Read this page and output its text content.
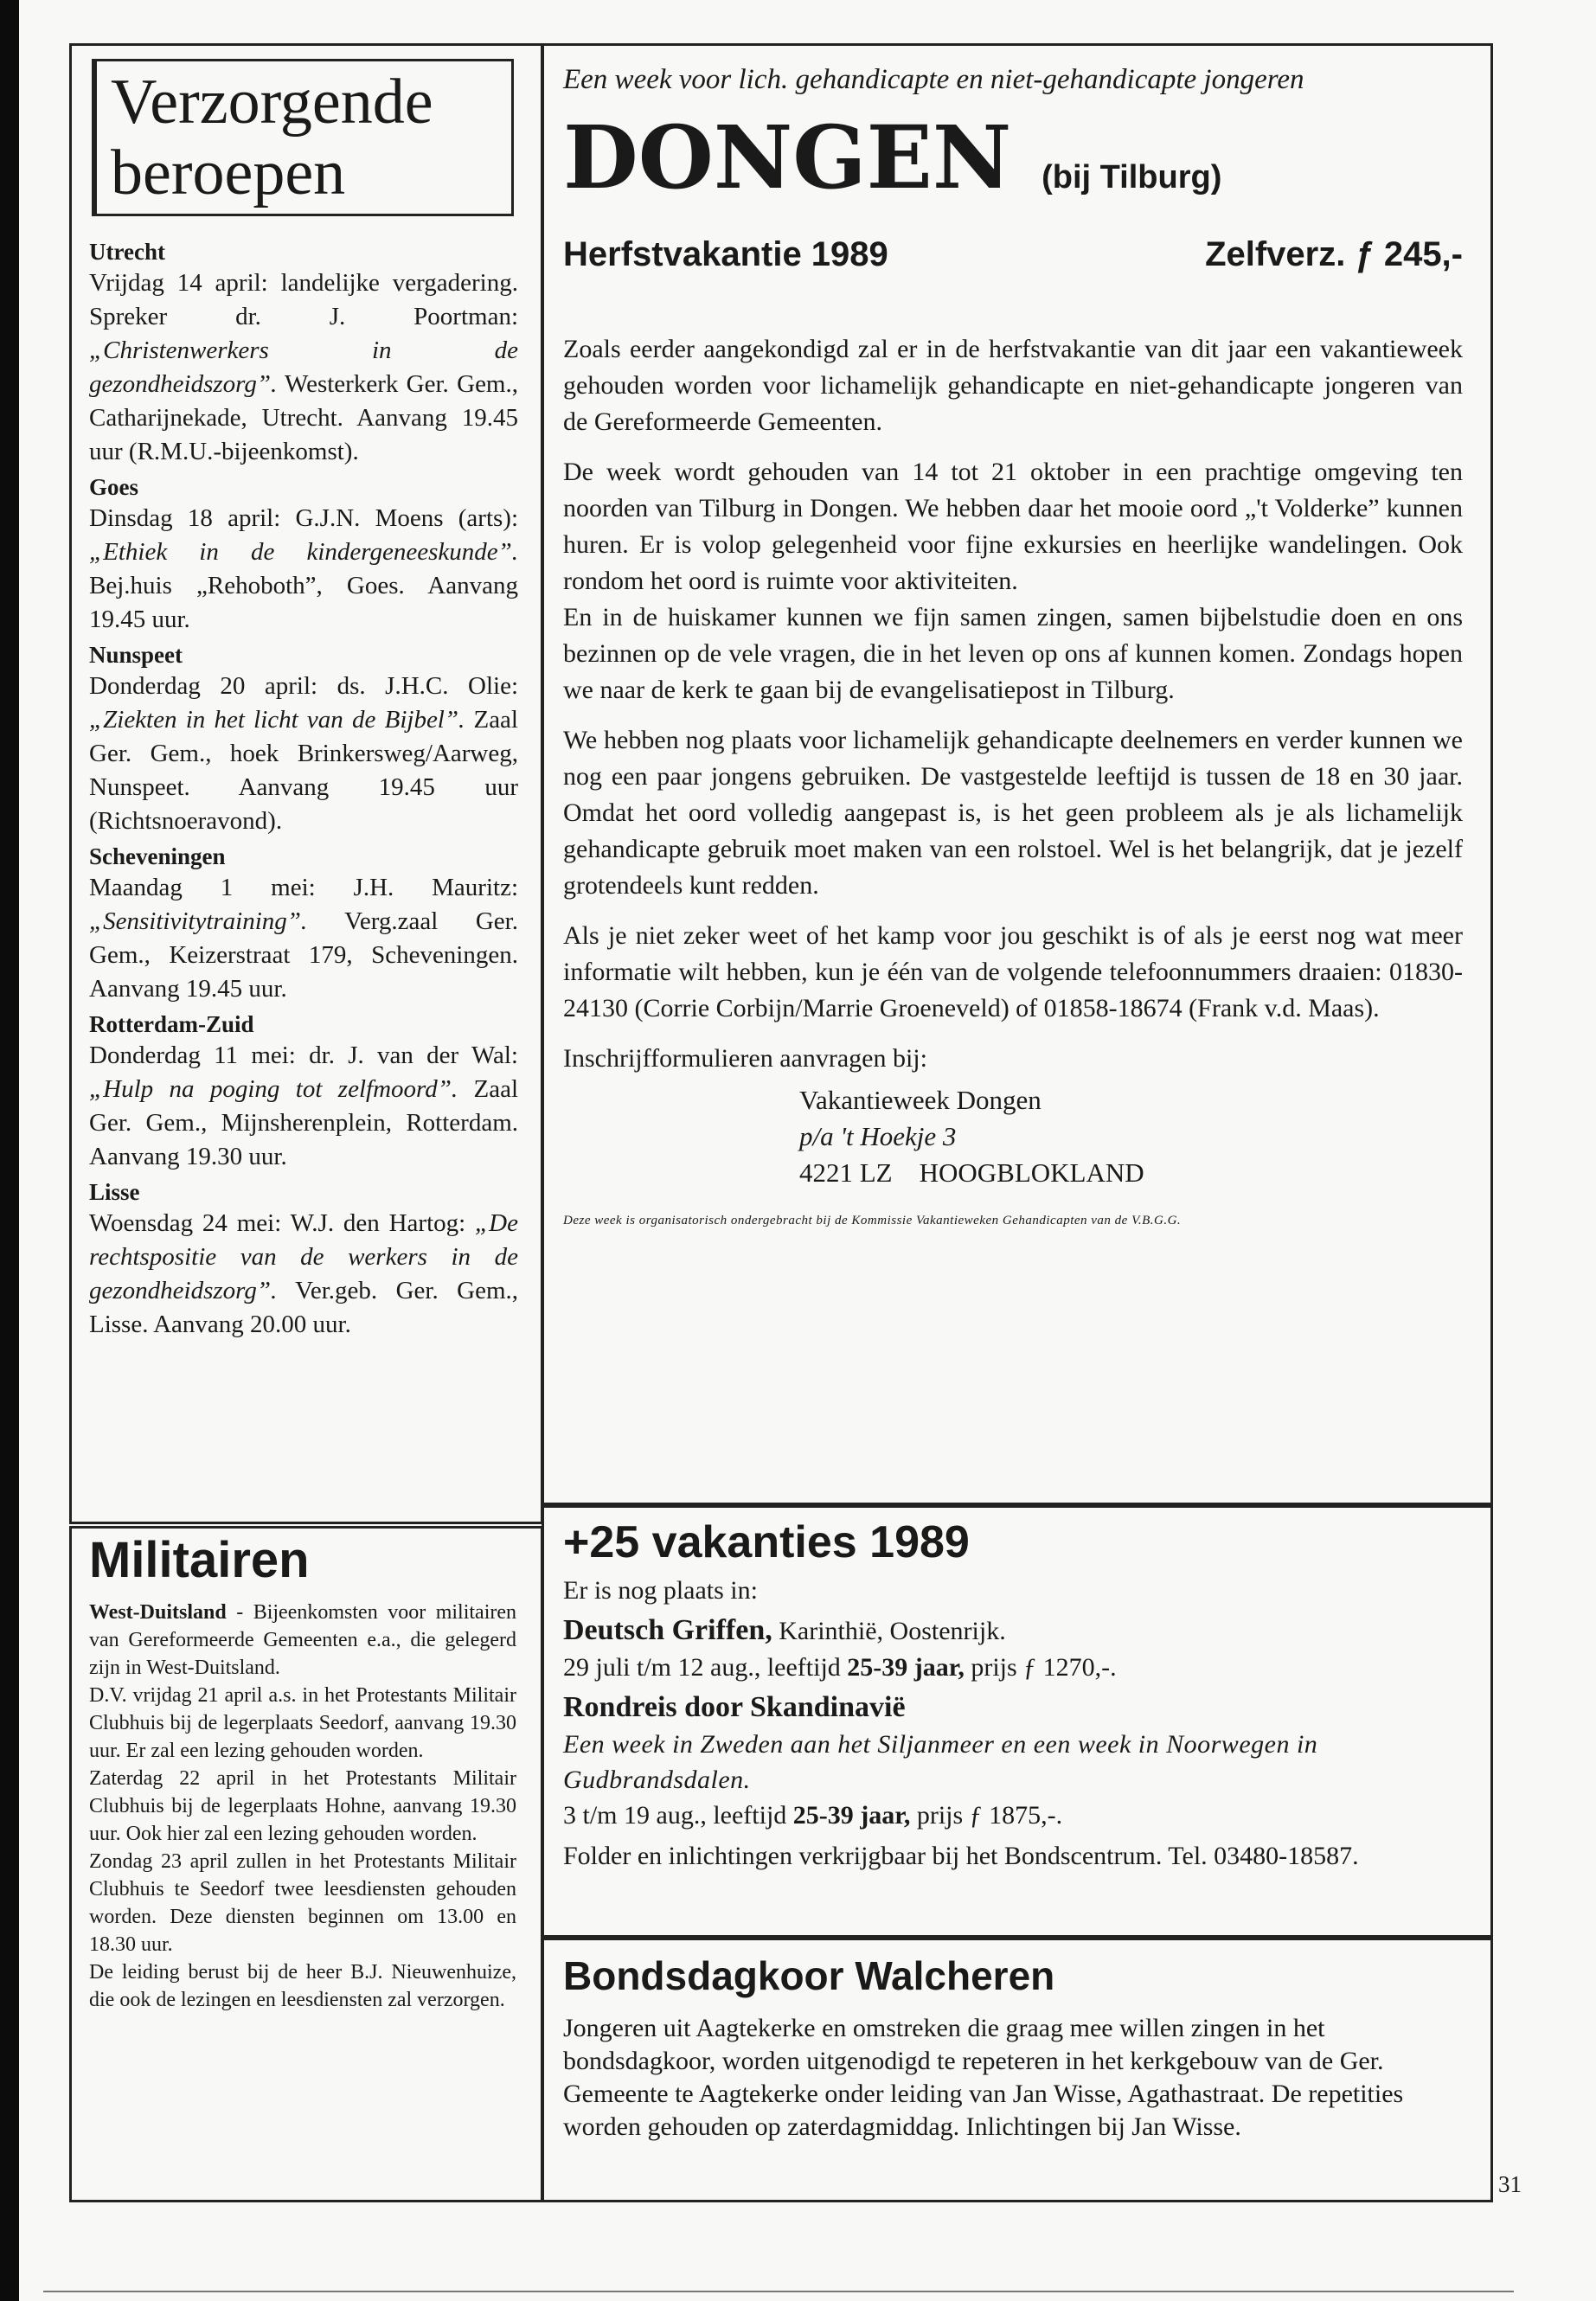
Verzorgende
beroepen
Utrecht
Vrijdag 14 april: landelijke vergadering. Spreker dr. J. Poortman: „Christenwerkers in de gezondheidszorg”. Westerkerk Ger. Gem., Catharijnekade, Utrecht. Aanvang 19.45 uur (R.M.U.-bijeenkomst).
Goes
Dinsdag 18 april: G.J.N. Moens (arts): „Ethiek in de kindergeneeskunde”. Bej.huis „Rehoboth”, Goes. Aanvang 19.45 uur.
Nunspeet
Donderdag 20 april: ds. J.H.C. Olie: „Ziekten in het licht van de Bijbel”. Zaal Ger. Gem., hoek Brinkersweg/Aarweg, Nunspeet. Aanvang 19.45 uur (Richtsnoeravond).
Scheveningen
Maandag 1 mei: J.H. Mauritz: „Sensitivitytraining”. Verg.zaal Ger. Gem., Keizerstraat 179, Scheveningen. Aanvang 19.45 uur.
Rotterdam-Zuid
Donderdag 11 mei: dr. J. van der Wal: „Hulp na poging tot zelfmoord”. Zaal Ger. Gem., Mijnsherenplein, Rotterdam. Aanvang 19.30 uur.
Lisse
Woensdag 24 mei: W.J. den Hartog: „De rechtspositie van de werkers in de gezondheidszorg”. Ver.geb. Ger. Gem., Lisse. Aanvang 20.00 uur.
Militairen
West-Duitsland - Bijeenkomsten voor militairen van Gereformeerde Gemeenten e.a., die gelegerd zijn in West-Duitsland.
D.V. vrijdag 21 april a.s. in het Protestants Militair Clubhuis bij de legerplaats Seedorf, aanvang 19.30 uur. Er zal een lezing gehouden worden.
Zaterdag 22 april in het Protestants Militair Clubhuis bij de legerplaats Hohne, aanvang 19.30 uur. Ook hier zal een lezing gehouden worden.
Zondag 23 april zullen in het Protestants Militair Clubhuis te Seedorf twee leesdiensten gehouden worden. Deze diensten beginnen om 13.00 en 18.30 uur.
De leiding berust bij de heer B.J. Nieuwenhuize, die ook de lezingen en leesdiensten zal verzorgen.

Een week voor lich. gehandicapte en niet-gehandicapte jongeren

DONGEN (bij Tilburg)
Herfstvakantie 1989	Zelfverz. ƒ 245,-

Zoals eerder aangekondigd zal er in de herfstvakantie van dit jaar een vakantieweek gehouden worden voor lichamelijk gehandicapte en niet-gehandicapte jongeren van de Gereformeerde Gemeenten.

De week wordt gehouden van 14 tot 21 oktober in een prachtige omgeving ten noorden van Tilburg in Dongen. We hebben daar het mooie oord „'t Volderke” kunnen huren. Er is volop gelegenheid voor fijne exkursies en heerlijke wandelingen. Ook rondom het oord is ruimte voor aktiviteiten.
En in de huiskamer kunnen we fijn samen zingen, samen bijbelstudie doen en ons bezinnen op de vele vragen, die in het leven op ons af kunnen komen. Zondags hopen we naar de kerk te gaan bij de evangelisatiepost in Tilburg.

We hebben nog plaats voor lichamelijk gehandicapte deelnemers en verder kunnen we nog een paar jongens gebruiken. De vastgestelde leeftijd is tussen de 18 en 30 jaar. Omdat het oord volledig aangepast is, is het geen probleem als je als lichamelijk gehandicapte gebruik moet maken van een rolstoel. Wel is het belangrijk, dat je jezelf grotendeels kunt redden.

Als je niet zeker weet of het kamp voor jou geschikt is of als je eerst nog wat meer informatie wilt hebben, kun je één van de volgende telefoonnummers draaien: 01830-24130 (Corrie Corbijn/Marrie Groeneveld) of 01858-18674 (Frank v.d. Maas).

Inschrijfformulieren aanvragen bij:

Vakantieweek Dongen
p/a 't Hoekje 3
4221 LZ    HOOGBLOKLAND
Deze week is organisatorisch ondergebracht bij de Kommissie Vakantieweken Gehandicapten van de V.B.G.G.
+25 vakanties 1989
Er is nog plaats in:
Deutsch Griffen, Karinthië, Oostenrijk.
29 juli t/m 12 aug., leeftijd 25-39 jaar, prijs ƒ 1270,-.
Rondreis door Skandinavië
Een week in Zweden aan het Siljanmeer en een week in Noorwegen in Gudbrandsdalen.
3 t/m 19 aug., leeftijd 25-39 jaar, prijs ƒ 1875,-.
Folder en inlichtingen verkrijgbaar bij het Bondscentrum. Tel. 03480-18587.
Bondsdagkoor Walcheren
Jongeren uit Aagtekerke en omstreken die graag mee willen zingen in het bondsdagkoor, worden uitgenodigd te repeteren in het kerkgebouw van de Ger. Gemeente te Aagtekerke onder leiding van Jan Wisse, Agathastraat. De repetities worden gehouden op zaterdagmiddag. Inlichtingen bij Jan Wisse.
31
